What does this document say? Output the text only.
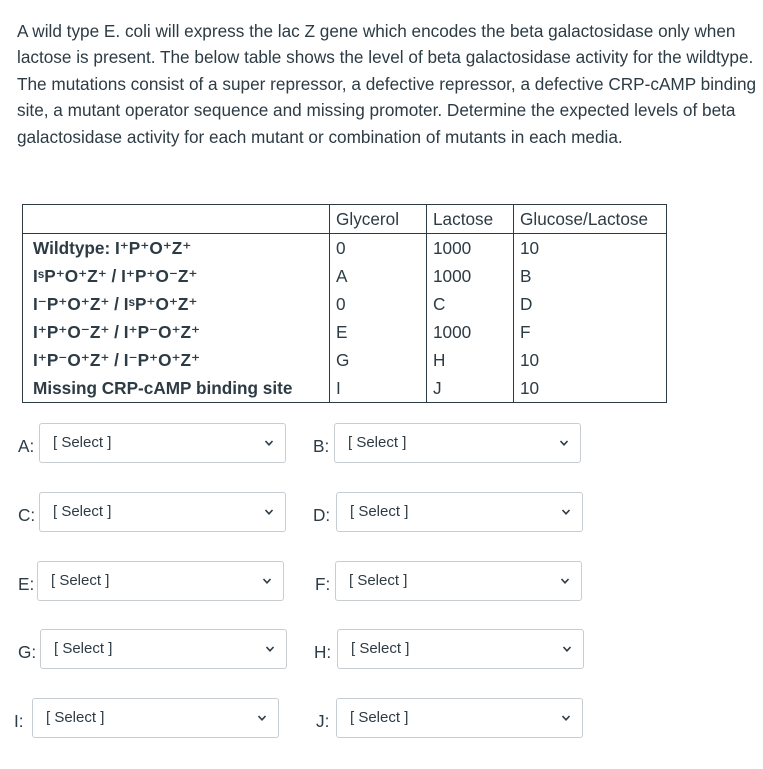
A wild type E. coli will express the lac Z gene which encodes the beta galactosidase only when lactose is present. The below table shows the level of beta galactosidase activity for the wildtype. The mutations consist of a super repressor, a defective repressor, a defective CRP-cAMP binding site, a mutant operator sequence and missing promoter. Determine the expected levels of beta galactosidase activity for each mutant or combination of mutants in each media.

	Glycerol	Lactose	Glucose/Lactose
Wildtype: I⁺P⁺O⁺Z⁺	0	1000	10
IˢP⁺O⁺Z⁺ / I⁺P⁺O⁻Z⁺	A	1000	B
I⁻P⁺O⁺Z⁺ / IˢP⁺O⁺Z⁺	0	C	D
I⁺P⁺O⁻Z⁺ / I⁺P⁻O⁺Z⁺	E	1000	F
I⁺P⁻O⁺Z⁺ / I⁻P⁺O⁺Z⁺	G	H	10
Missing CRP-cAMP binding site	I	J	10
A: [ Select ]	B: [ Select ]
C: [ Select ]	D: [ Select ]
E: [ Select ]	F: [ Select ]
G: [ Select ]	H: [ Select ]
I: [ Select ]	J: [ Select ]
